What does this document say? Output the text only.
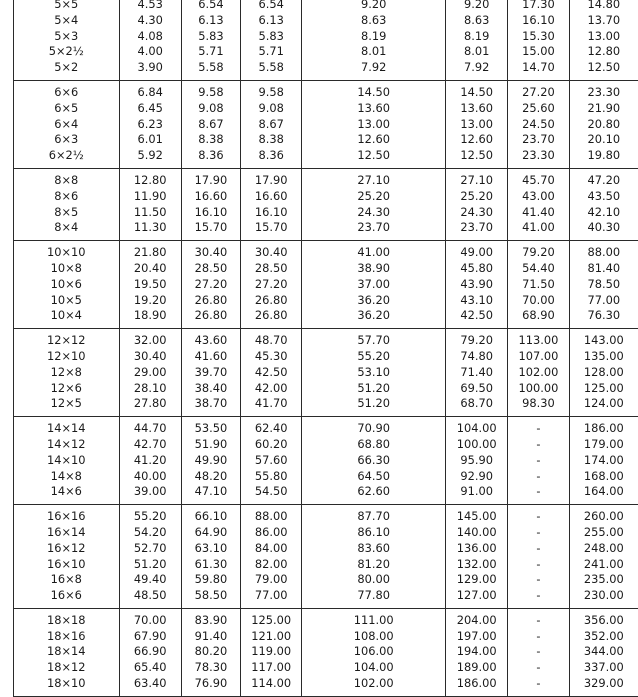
5×5	4.53	6.54	6.54	9.20	9.20	17.30	14.80
5×4	4.30	6.13	6.13	8.63	8.63	16.10	13.70
5×3	4.08	5.83	5.83	8.19	8.19	15.30	13.00
5×2½	4.00	5.71	5.71	8.01	8.01	15.00	12.80
5×2	3.90	5.58	5.58	7.92	7.92	14.70	12.50
6×6	6.84	9.58	9.58	14.50	14.50	27.20	23.30
6×5	6.45	9.08	9.08	13.60	13.60	25.60	21.90
6×4	6.23	8.67	8.67	13.00	13.00	24.50	20.80
6×3	6.01	8.38	8.38	12.60	12.60	23.70	20.10
6×2½	5.92	8.36	8.36	12.50	12.50	23.30	19.80
8×8	12.80	17.90	17.90	27.10	27.10	45.70	47.20
8×6	11.90	16.60	16.60	25.20	25.20	43.00	43.50
8×5	11.50	16.10	16.10	24.30	24.30	41.40	42.10
8×4	11.30	15.70	15.70	23.70	23.70	41.00	40.30
10×10	21.80	30.40	30.40	41.00	49.00	79.20	88.00
10×8	20.40	28.50	28.50	38.90	45.80	54.40	81.40
10×6	19.50	27.20	27.20	37.00	43.90	71.50	78.50
10×5	19.20	26.80	26.80	36.20	43.10	70.00	77.00
10×4	18.90	26.80	26.80	36.20	42.50	68.90	76.30
12×12	32.00	43.60	48.70	57.70	79.20	113.00	143.00
12×10	30.40	41.60	45.30	55.20	74.80	107.00	135.00
12×8	29.00	39.70	42.50	53.10	71.40	102.00	128.00
12×6	28.10	38.40	42.00	51.20	69.50	100.00	125.00
12×5	27.80	38.70	41.70	51.20	68.70	98.30	124.00
14×14	44.70	53.50	62.40	70.90	104.00	-	186.00
14×12	42.70	51.90	60.20	68.80	100.00	-	179.00
14×10	41.20	49.90	57.60	66.30	95.90	-	174.00
14×8	40.00	48.20	55.80	64.50	92.90	-	168.00
14×6	39.00	47.10	54.50	62.60	91.00	-	164.00
16×16	55.20	66.10	88.00	87.70	145.00	-	260.00
16×14	54.20	64.90	86.00	86.10	140.00	-	255.00
16×12	52.70	63.10	84.00	83.60	136.00	-	248.00
16×10	51.20	61.30	82.00	81.20	132.00	-	241.00
16×8	49.40	59.80	79.00	80.00	129.00	-	235.00
16×6	48.50	58.50	77.00	77.80	127.00	-	230.00
18×18	70.00	83.90	125.00	111.00	204.00	-	356.00
18×16	67.90	91.40	121.00	108.00	197.00	-	352.00
18×14	66.90	80.20	119.00	106.00	194.00	-	344.00
18×12	65.40	78.30	117.00	104.00	189.00	-	337.00
18×10	63.40	76.90	114.00	102.00	186.00	-	329.00
